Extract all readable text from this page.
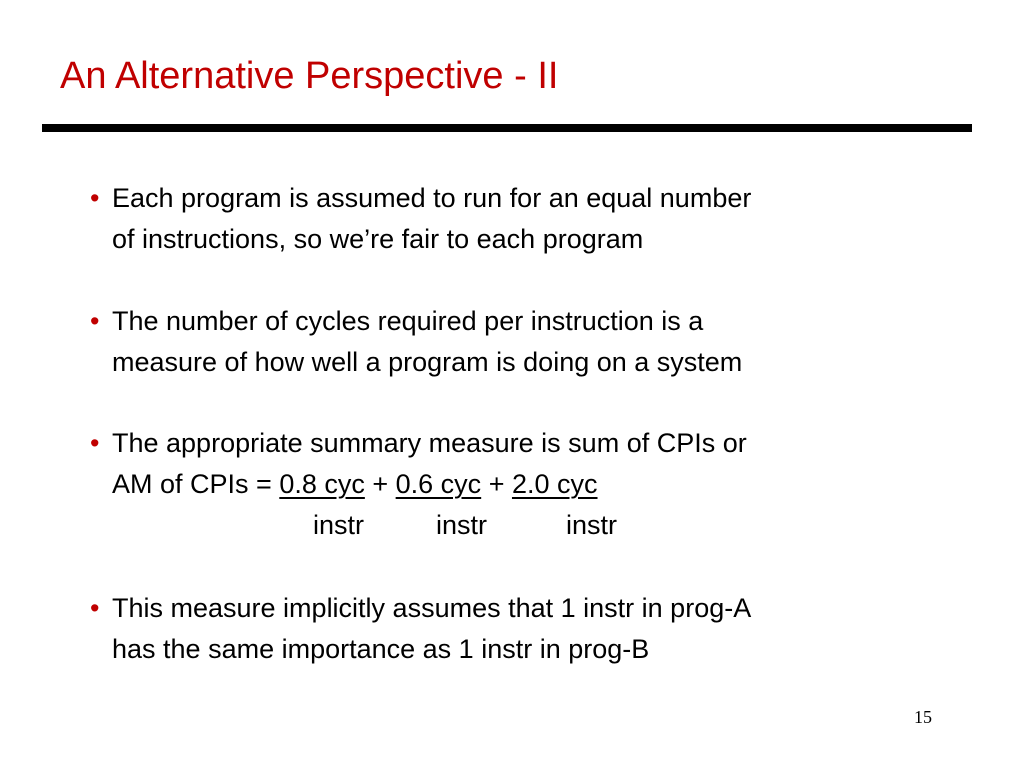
An Alternative Perspective - II
• Each program is assumed to run for an equal number
of instructions, so we’re fair to each program
• The number of cycles required per instruction is a
measure of how well a program is doing on a system
• The appropriate summary measure is sum of CPIs or
AM of CPIs = 0.8 cyc + 0.6 cyc + 2.0 cyc
instr	instr	instr
• This measure implicitly assumes that 1 instr in prog-A
has the same importance as 1 instr in prog-B
15
